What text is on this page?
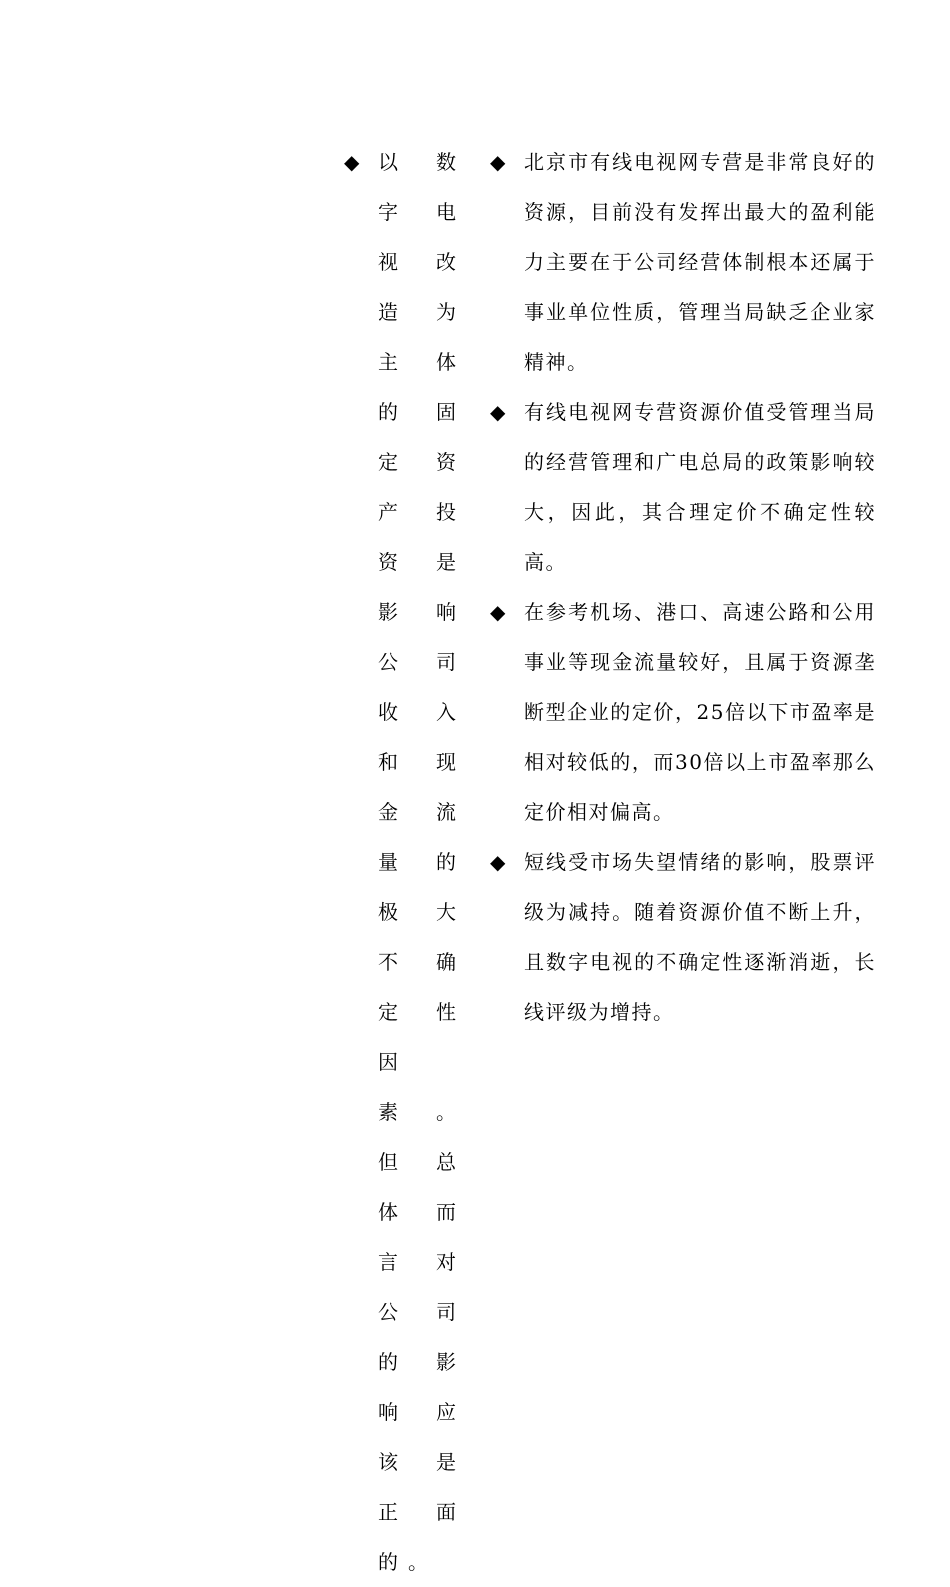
◆ 以数字电视改造为主体的固定资产投资是影响公司收入和现金流量的极大不确定性因素。但总体而言对公司的影响应该是正面的。
◆ 北京市有线电视网专营是非常良好的资源，目前没有发挥出最大的盈利能力主要在于公司经营体制根本还属于事业单位性质，管理当局缺乏企业家精神。
◆ 有线电视网专营资源价值受管理当局的经营管理和广电总局的政策影响较大，因此，其合理定价不确定性较高。
◆ 在参考机场、港口、高速公路和公用事业等现金流量较好，且属于资源垄断型企业的定价，25倍以下市盈率是相对较低的，而30倍以上市盈率那么定价相对偏高。
◆ 短线受市场失望情绪的影响，股票评级为减持。随着资源价值不断上升，且数字电视的不确定性逐渐消逝，长线评级为增持。
